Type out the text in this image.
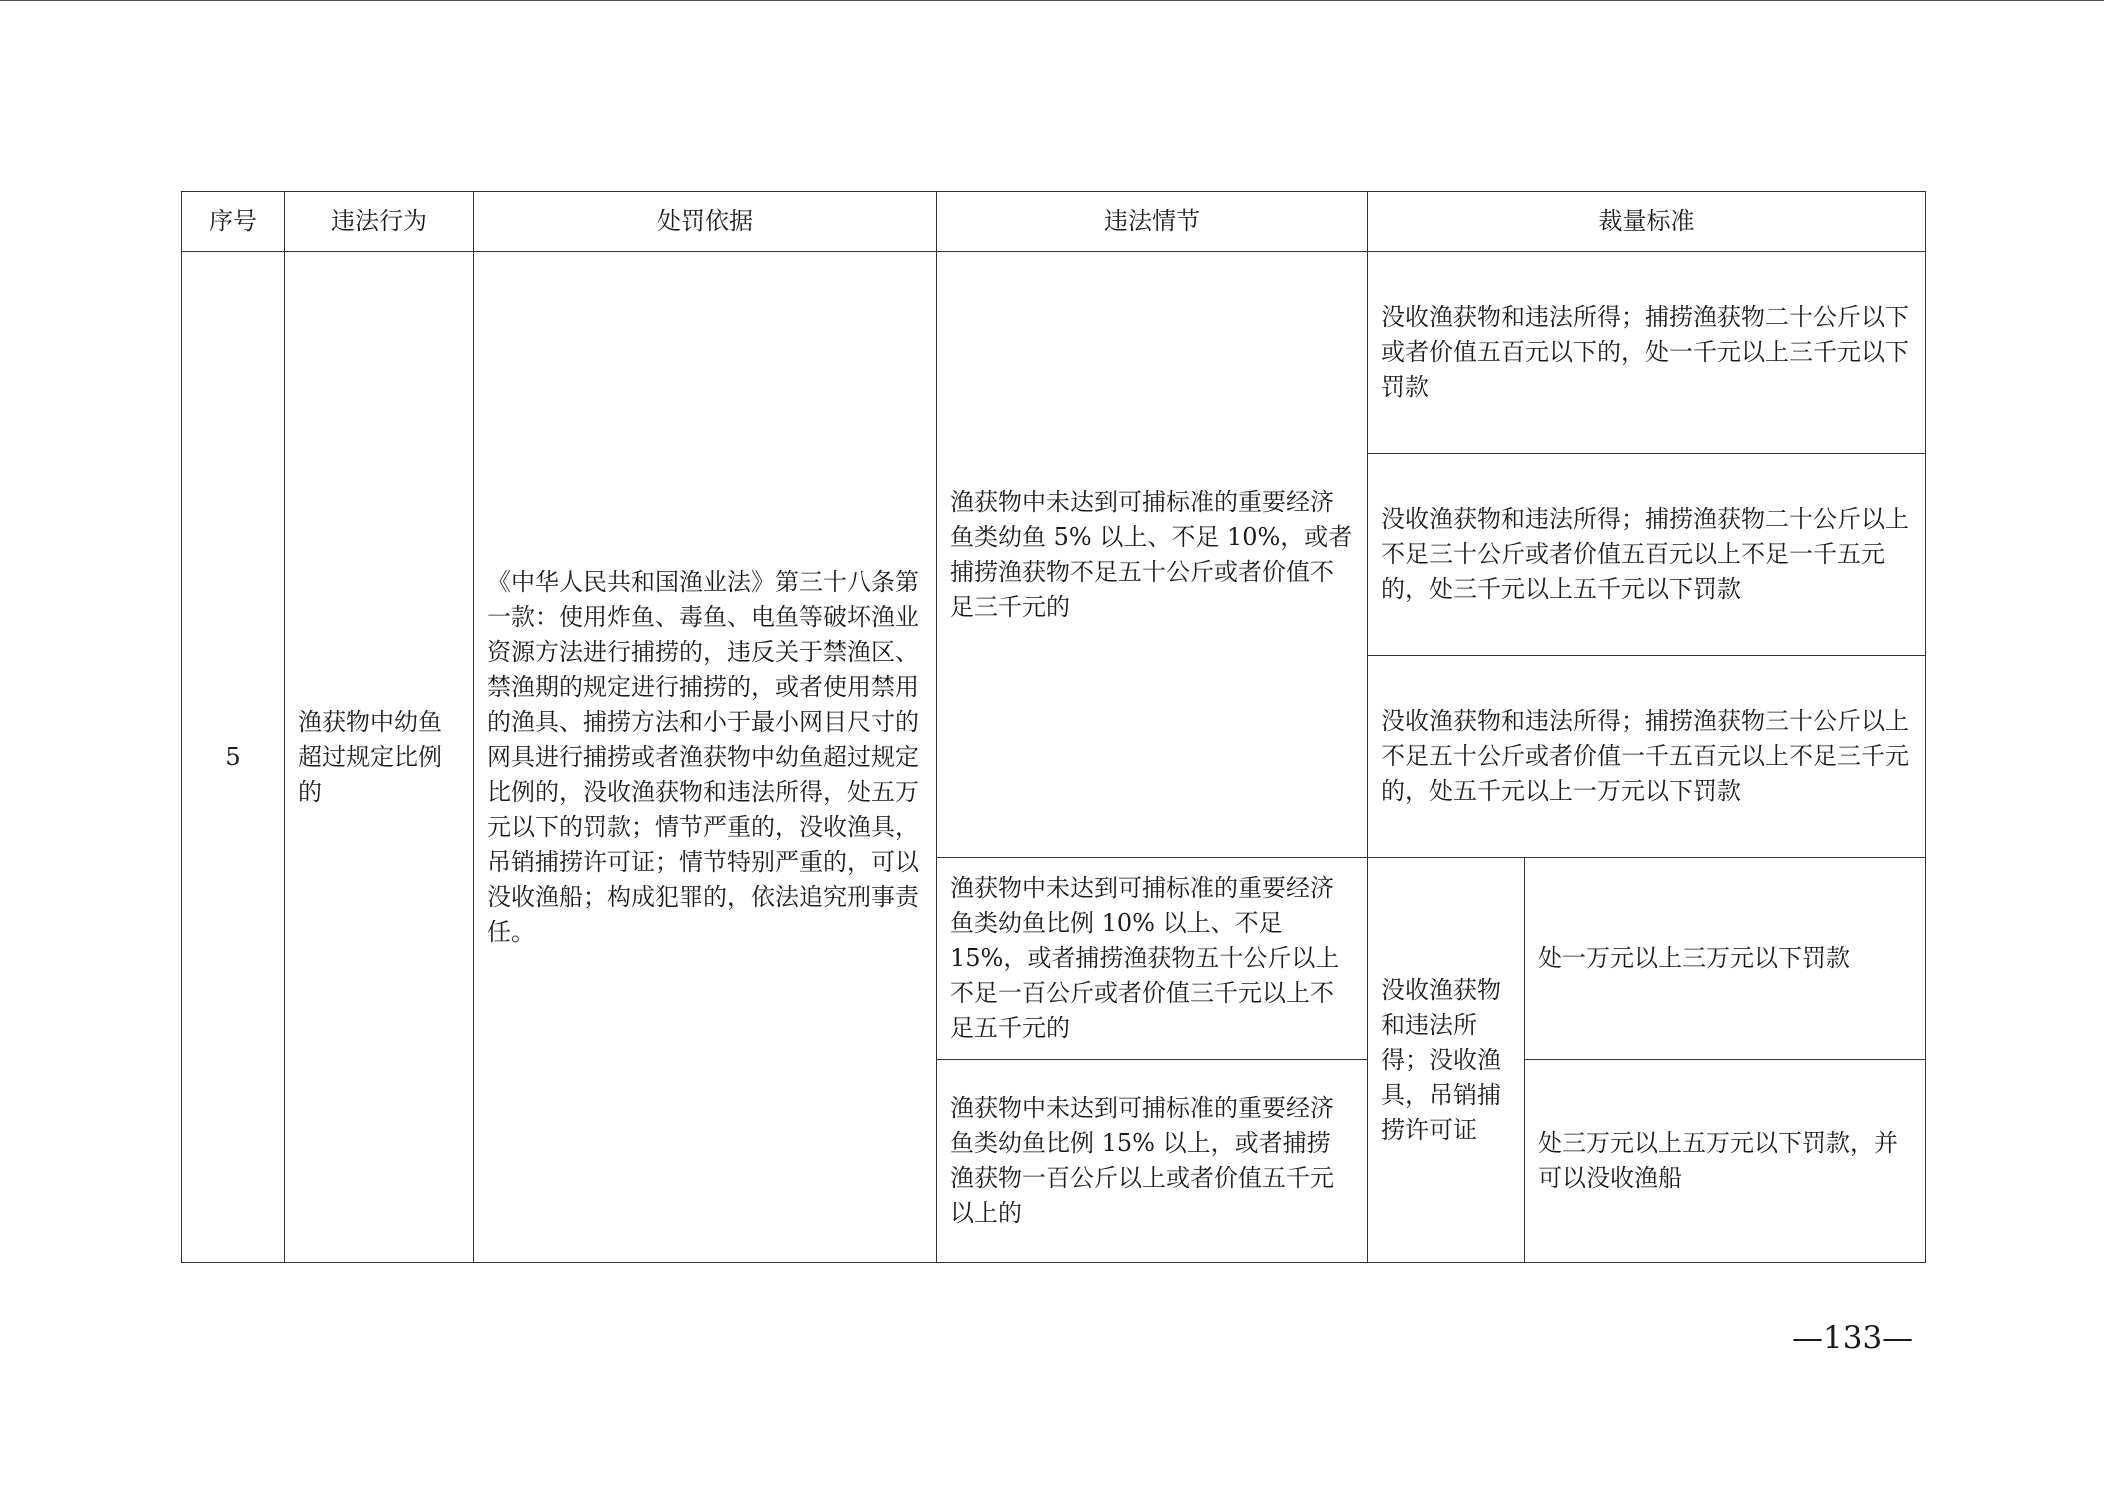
序号	违法行为	处罚依据	违法情节	裁量标准	
5	渔获物中幼鱼超过规定比例的	《中华人民共和国渔业法》第三十八条第一款：使用炸鱼、毒鱼、电鱼等破坏渔业资源方法进行捕捞的，违反关于禁渔区、禁渔期的规定进行捕捞的，或者使用禁用的渔具、捕捞方法和小于最小网目尺寸的网具进行捕捞或者渔获物中幼鱼超过规定比例的，没收渔获物和违法所得，处五万元以下的罚款；情节严重的，没收渔具，吊销捕捞许可证；情节特别严重的，可以没收渔船；构成犯罪的，依法追究刑事责任。	渔获物中未达到可捕标准的重要经济鱼类幼鱼 5% 以上、不足 10%，或者捕捞渔获物不足五十公斤或者价值不足三千元的	没收渔获物和违法所得；捕捞渔获物二十公斤以下或者价值五百元以下的，处一千元以上三千元以下罚款	
				没收渔获物和违法所得；捕捞渔获物二十公斤以上不足三十公斤或者价值五百元以上不足一千五元的，处三千元以上五千元以下罚款	
				没收渔获物和违法所得；捕捞渔获物三十公斤以上不足五十公斤或者价值一千五百元以上不足三千元的，处五千元以上一万元以下罚款	
			渔获物中未达到可捕标准的重要经济鱼类幼鱼比例 10% 以上、不足 15%，或者捕捞渔获物五十公斤以上不足一百公斤或者价值三千元以上不足五千元的	没收渔获物和违法所得；没收渔具，吊销捕捞许可证	处一万元以上三万元以下罚款
			渔获物中未达到可捕标准的重要经济鱼类幼鱼比例 15% 以上，或者捕捞渔获物一百公斤以上或者价值五千元以上的		处三万元以上五万元以下罚款，并可以没收渔船
—133—
